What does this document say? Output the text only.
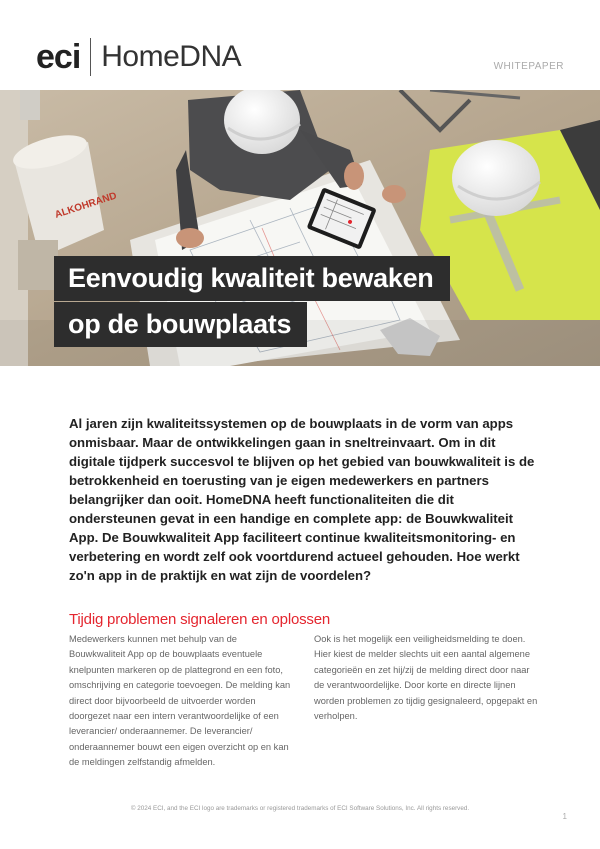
eci HomeDNA	WHITEPAPER
ALKOHRAND
Eenvoudig kwaliteit bewaken
op de bouwplaats
Al jaren zijn kwaliteitssystemen op de bouwplaats in de vorm van apps onmisbaar. Maar de ontwikkelingen gaan in sneltreinvaart. Om in dit digitale tijdperk succesvol te blijven op het gebied van bouwkwaliteit is de betrokkenheid en toerusting van je eigen medewerkers en partners belangrijker dan ooit. HomeDNA heeft functionaliteiten die dit ondersteunen gevat in een handige en complete app: de Bouwkwaliteit App. De Bouwkwaliteit App faciliteert continue kwaliteitsmonitoring- en verbetering en wordt zelf ook voortdurend actueel gehouden. Hoe werkt zo'n app in de praktijk en wat zijn de voordelen?
Tijdig problemen signaleren en oplossen
Medewerkers kunnen met behulp van de Bouwkwaliteit App op de bouwplaats eventuele knelpunten markeren op de plattegrond en een foto, omschrijving en categorie toevoegen. De melding kan direct door bijvoorbeeld de uitvoerder worden doorgezet naar een intern verantwoordelijke of een leverancier/ onderaannemer. De leverancier/ onderaannemer bouwt een eigen overzicht op en kan de meldingen zelfstandig afmelden.
Ook is het mogelijk een veiligheidsmelding te doen. Hier kiest de melder slechts uit een aantal algemene categorieën en zet hij/zij de melding direct door naar de verantwoordelijke. Door korte en directe lijnen worden problemen zo tijdig gesignaleerd, opgepakt en verholpen.
© 2024 ECI, and the ECI logo are trademarks or registered trademarks of ECI Software Solutions, Inc. All rights reserved.
1
